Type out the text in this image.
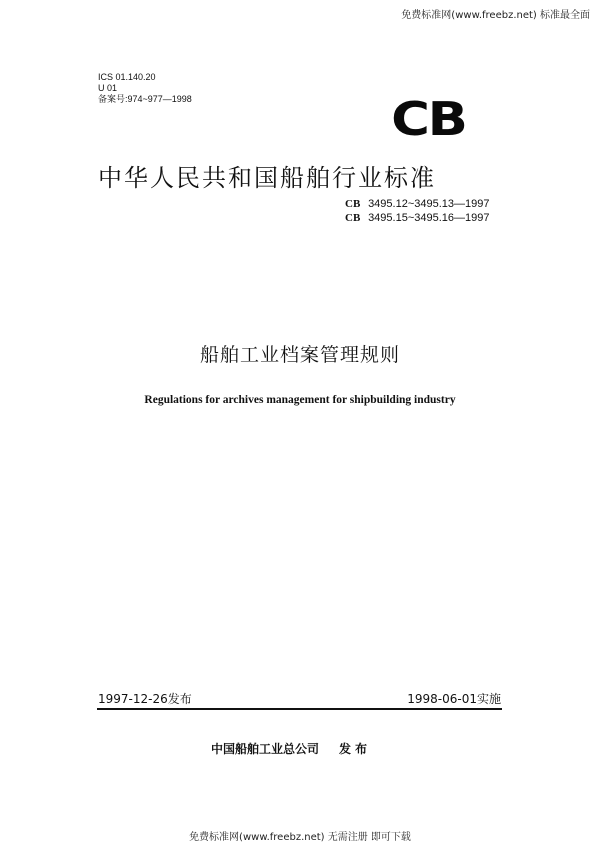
免费标准网(www.freebz.net) 标准最全面
ICS 01.140.20
U 01
备案号:974~977—1998	CB
中华人民共和国船舶行业标准
CB 3495.12~3495.13—1997
CB 3495.15~3495.16—1997
船舶工业档案管理规则
Regulations for archives management for shipbuilding industry
1997-12-26发布	1998-06-01实施
中国船舶工业总公司 发布
免费标准网(www.freebz.net) 无需注册 即可下载
